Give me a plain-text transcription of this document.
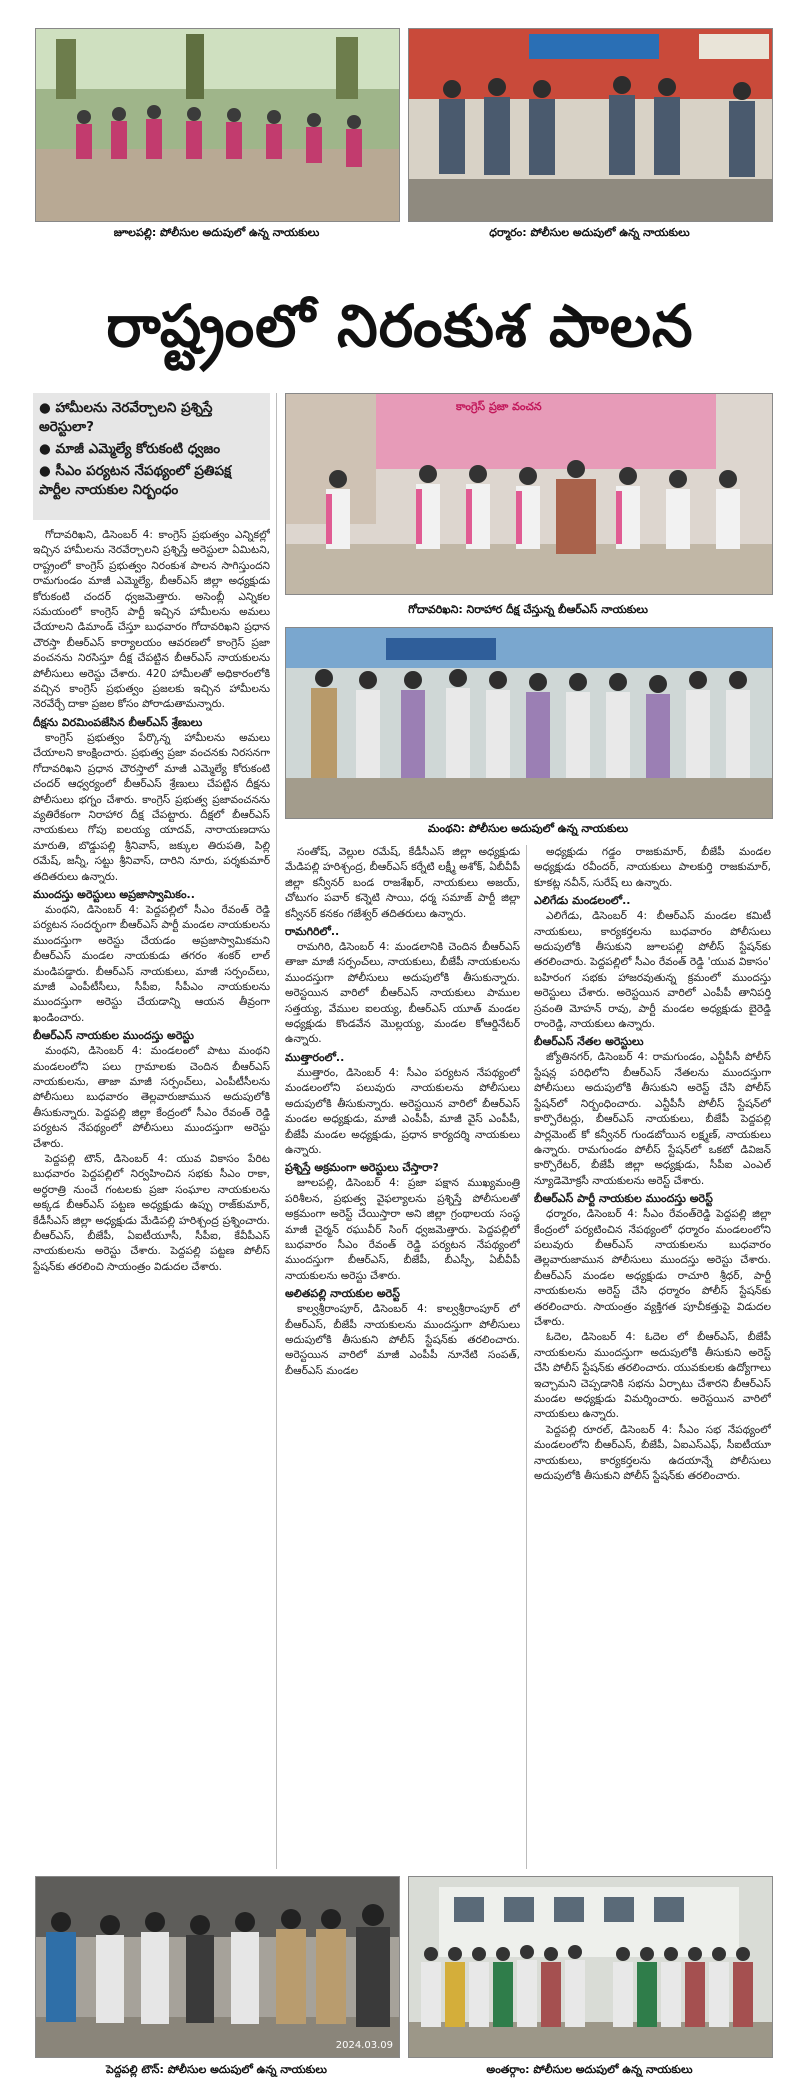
జూలపల్లి: పోలీసుల అదుపులో ఉన్న నాయకులు	ధర్మారం: పోలీసుల అదుపులో ఉన్న నాయకులు
రాష్ట్రంలో నిరంకుశ పాలన
● హామీలను నెరవేర్చాలని ప్రశ్నిస్తే అరెస్టులా?
● మాజీ ఎమ్మెల్యే కోరుకంటి ధ్వజం
● సీఎం పర్యటన నేపథ్యంలో ప్రతిపక్ష పార్టీల నాయకుల నిర్బంధం
కాంగ్రెస్ ప్రజా వంచన
గోదావరిఖని: నిరాహార దీక్ష చేస్తున్న బీఆర్‌ఎస్‌ నాయకులు
మంథని: పోలీసుల అదుపులో ఉన్న నాయకులు

గోదావరిఖని, డిసెంబర్ 4: కాంగ్రెస్ ప్రభుత్వం ఎన్నికల్లో ఇచ్చిన హామీలను నెరవేర్చాలని ప్రశ్నిస్తే అరెస్టులా ఏమిటని, రాష్ట్రంలో కాంగ్రెస్ ప్రభుత్వం నిరంకుశ పాలన సాగిస్తుందని రామగుండం మాజీ ఎమ్మెల్యే, బీఆర్‌ఎస్ జిల్లా అధ్యక్షుడు కోరుకంటి చందర్ ధ్వజమెత్తారు. అసెంబ్లీ ఎన్నికల సమయంలో కాంగ్రెస్ పార్టీ ఇచ్చిన హామీలను అమలు చేయాలని డిమాండ్ చేస్తూ బుధవారం గోదావరిఖని ప్రధాన చౌరస్తా బీఆర్‌ఎస్ కార్యాలయం ఆవరణలో కాంగ్రెస్ ప్రజా వంచనను నిరసిస్తూ దీక్ష చేపట్టిన బీఆర్‌ఎస్ నాయకులను పోలీసులు అరెస్టు చేశారు. 420 హామీలతో అధికారంలోకి వచ్చిన కాంగ్రెస్ ప్రభుత్వం ప్రజలకు ఇచ్చిన హామీలను నెరవేర్చే దాకా ప్రజల కోసం పోరాడుతామన్నారు.

దీక్షను విరమింపజేసిన బీఆర్‌ఎస్ శ్రేణులు

కాంగ్రెస్ ప్రభుత్వం పేర్కొన్న హామీలను అమలు చేయాలని కాంక్షించారు. ప్రభుత్వ ప్రజా వంచనకు నిరసనగా గోదావరిఖని ప్రధాన చౌరస్తాలో మాజీ ఎమ్మెల్యే కోరుకంటి చందర్ ఆధ్వర్యంలో బీఆర్‌ఎస్ శ్రేణులు చేపట్టిన దీక్షను పోలీసులు భగ్నం చేశారు. కాంగ్రెస్ ప్రభుత్వ ప్రజావంచనను వ్యతిరేకంగా నిరాహార దీక్ష చేపట్టారు. దీక్షలో బీఆర్‌ఎస్ నాయకులు గోపు ఐలయ్య యాదవ్, నారాయణదాసు మారుతి, బొడ్డుపల్లి శ్రీనివాస్, జక్కుల తిరుపతి, పిల్లి రమేష్, జన్నీ, సట్టు శ్రీనివాస్, దారిని నూరు, పర్శకుమార్ తదితరులు ఉన్నారు.

ముందస్తు అరెస్టులు అప్రజాస్వామికం..

మంథని, డిసెంబర్ 4: పెద్దపల్లిలో సీఎం రేవంత్ రెడ్డి పర్యటన సందర్భంగా బీఆర్‌ఎస్ పార్టీ మండల నాయకులను ముందస్తుగా అరెస్టు చేయడం అప్రజాస్వామికమని బీఆర్‌ఎస్ మండల నాయకుడు తగరం శంకర్ లాల్ మండిపడ్డారు. బీఆర్‌ఎస్ నాయకులు, మాజీ సర్పంచ్‌లు, మాజీ ఎంపీటీసీలు, సీపీఐ, సీపీఎం నాయకులను ముందస్తుగా అరెస్టు చేయడాన్ని ఆయన తీవ్రంగా ఖండించారు.

బీఆర్‌ఎస్ నాయకుల ముందస్తు అరెస్టు

మంథని, డిసెంబర్ 4: మండలంలో పాటు మంథని మండలంలోని పలు గ్రామాలకు చెందిన బీఆర్‌ఎస్ నాయకులను, తాజా మాజీ సర్పంచ్‌లు, ఎంపీటీసీలను పోలీసులు బుధవారం తెల్లవారుజామున అదుపులోకి తీసుకున్నారు. పెద్దపల్లి జిల్లా కేంద్రంలో సీఎం రేవంత్ రెడ్డి పర్యటన నేపథ్యంలో పోలీసులు ముందస్తుగా అరెస్టు చేశారు.

పెద్దపల్లి టౌన్, డిసెంబర్ 4: యువ వికాసం పేరిట బుధవారం పెద్దపల్లిలో నిర్వహించిన సభకు సీఎం రాకా, అర్ధరాత్రి నుంచే గంటలకు ప్రజా సంఘాల నాయకులను అక్కడ బీఆర్‌ఎస్ పట్టణ అధ్యక్షుడు ఉప్పు రాజ్‌కుమార్, కేడీసీఎస్ జిల్లా అధ్యక్షుడు మేడిపల్లి హరిశ్చంద్ర ప్రశ్నించారు. బీఆర్‌ఎస్, బీజేపీ, ఏఐటీయూసీ, సీపీఐ, కేవీపీఎస్ నాయకులను అరెస్టు చేశారు. పెద్దపల్లి పట్టణ పోలీస్ స్టేషన్‌కు తరలించి సాయంత్రం విడుదల చేశారు.

సంతోష్, వెల్లుల రమేష్, కేడీసీఎస్ జిల్లా అధ్యక్షుడు మేడిపల్లి హరిశ్చంద్ర, బీఆర్‌ఎస్ కర్నేటి లక్ష్మీ అశోక్, ఏబీవీపీ జిల్లా కన్వీనర్ బండ రాజశేఖర్, నాయకులు అజయ్, చోటుగం పవార్ కన్నెటి సాయి, ధర్మ సమాజ్ పార్టీ జిల్లా కన్వీనర్ కనకం గజేశ్వర్ తదితరులు ఉన్నారు.

రామగిరిలో..

రామగిరి, డిసెంబర్ 4: మండలానికి చెందిన బీఆర్‌ఎస్ తాజా మాజీ సర్పంచ్‌లు, నాయకులు, బీజేపీ నాయకులను ముందస్తుగా పోలీసులు అదుపులోకి తీసుకున్నారు. అరెస్టయిన వారిలో బీఆర్‌ఎస్ నాయకులు పాముల సత్తయ్య, వేముల ఐలయ్య, బీఆర్‌ఎస్ యూత్ మండల అధ్యక్షుడు కొండవేన మొల్లయ్య, మండల కోఆర్డినేటర్ ఉన్నారు.

ముత్తారంలో..

ముత్తారం, డిసెంబర్ 4: సీఎం పర్యటన నేపథ్యంలో మండలంలోని పలువురు నాయకులను పోలీసులు అదుపులోకి తీసుకున్నారు. అరెస్టయిన వారిలో బీఆర్‌ఎస్ మండల అధ్యక్షుడు, మాజీ ఎంపీపీ, మాజీ వైస్ ఎంపీపీ, బీజేపీ మండల అధ్యక్షుడు, ప్రధాన కార్యదర్శి నాయకులు ఉన్నారు.

ప్రశ్నిస్తే అక్రమంగా అరెస్టులు చేస్తారా?

జూలపల్లి, డిసెంబర్ 4: ప్రజా పక్షాన ముఖ్యమంత్రి పరిశీలన, ప్రభుత్వ వైఫల్యాలను ప్రశ్నిస్తే పోలీసులతో అక్రమంగా అరెస్ట్ చేయిస్తారా అని జిల్లా గ్రంథాలయ సంస్థ మాజీ చైర్మన్ రఘువీర్ సింగ్ ధ్వజమెత్తారు. పెద్దపల్లిలో బుధవారం సీఎం రేవంత్ రెడ్డి పర్యటన నేపథ్యంలో ముందస్తుగా బీఆర్‌ఎస్, బీజేపీ, బీఎస్పీ, ఏబీవీపీ నాయకులను అరెస్టు చేశారు.

అలితపల్లి నాయకుల అరెస్ట్

కాల్వశ్రీరాంపూర్, డిసెంబర్ 4: కాల్వశ్రీరాంపూర్ లో బీఆర్‌ఎస్, బీజేపీ నాయకులను ముందస్తుగా పోలీసులు అదుపులోకి తీసుకుని పోలీస్ స్టేషన్‌కు తరలించారు. అరెస్టయిన వారిలో మాజీ ఎంపీపీ నూనేటి సంపత్, బీఆర్‌ఎస్ మండల

అధ్యక్షుడు గడ్డం రాజకుమార్, బీజేపీ మండల అధ్యక్షుడు రవీందర్, నాయకులు పాలకుర్తి రాజకుమార్, కూకట్ల నవీన్, సురేష్ లు ఉన్నారు.

ఎలిగేడు మండలంలో..

ఎలిగేడు, డిసెంబర్ 4: బీఆర్‌ఎస్ మండల కమిటీ నాయకులు, కార్యకర్తలను బుధవారం పోలీసులు అదుపులోకి తీసుకుని జూలపల్లి పోలీస్ స్టేషన్‌కు తరలించారు. పెద్దపల్లిలో సీఎం రేవంత్ రెడ్డి 'యువ వికాసం' బహిరంగ సభకు హాజరవుతున్న క్రమంలో ముందస్తు అరెస్టులు చేశారు. అరెస్టయిన వారిలో ఎంపీపీ తానిపర్తి స్రవంతి మోహన్ రావు, పార్టీ మండల అధ్యక్షుడు బైరెడ్డి రాంరెడ్డి, నాయకులు ఉన్నారు.

బీఆర్‌ఎస్ నేతల అరెస్టులు

జ్యోతినగర్, డిసెంబర్ 4: రామగుండం, ఎన్టీపీసీ పోలీస్ స్టేషన్ల పరిధిలోని బీఆర్‌ఎస్ నేతలను ముందస్తుగా పోలీసులు అదుపులోకి తీసుకుని అరెస్ట్ చేసి పోలీస్ స్టేషన్‌లో నిర్బంధించారు. ఎన్టీపీసీ పోలీస్ స్టేషన్‌లో కార్పొరేటర్లు, బీఆర్‌ఎస్ నాయకులు, బీజేపీ పెద్దపల్లి పార్లమెంట్ కో కన్వీనర్ గుండబోయిన లక్ష్మణ్, నాయకులు ఉన్నారు. రామగుండం పోలీస్ స్టేషన్‌లో ఒకటో డివిజన్ కార్పొరేటర్, బీజేపీ జిల్లా అధ్యక్షుడు, సీపీఐ ఎంఎల్ న్యూడెమోక్రసీ నాయకులను అరెస్ట్ చేశారు.

బీఆర్‌ఎస్ పార్టీ నాయకుల ముందస్తు అరెస్ట్

ధర్మారం, డిసెంబర్ 4: సీఎం రేవంత్‌రెడ్డి పెద్దపల్లి జిల్లా కేంద్రంలో పర్యటించిన నేపథ్యంలో ధర్మారం మండలంలోని పలువురు బీఆర్‌ఎస్ నాయకులను బుధవారం తెల్లవారుజామున పోలీసులు ముందస్తు అరెస్టు చేశారు. బీఆర్‌ఎస్ మండల అధ్యక్షుడు రాచూరి శ్రీధర్, పార్టీ నాయకులను అరెస్ట్ చేసి ధర్మారం పోలీస్ స్టేషన్‌కు తరలించారు. సాయంత్రం వ్యక్తిగత పూచీకత్తుపై విడుదల చేశారు.

ఓదెల, డిసెంబర్ 4: ఓదెల లో బీఆర్‌ఎస్, బీజేపీ నాయకులను ముందస్తుగా అదుపులోకి తీసుకుని అరెస్ట్ చేసి పోలీస్ స్టేషన్‌కు తరలించారు. యువకులకు ఉద్యోగాలు ఇచ్చామని చెప్పడానికి సభను ఏర్పాటు చేశారని బీఆర్‌ఎస్ మండల అధ్యక్షుడు విమర్శించారు. అరెస్టయిన వారిలో నాయకులు ఉన్నారు.

పెద్దపల్లి రూరల్, డిసెంబర్ 4: సీఎం సభ నేపథ్యంలో మండలంలోని బీఆర్‌ఎస్, బీజేపీ, ఏఐఎస్‌ఎఫ్, సీఐటీయూ నాయకులు, కార్యకర్తలను ఉదయాన్నే పోలీసులు అదుపులోకి తీసుకుని పోలీస్ స్టేషన్‌కు తరలించారు.

2024.03.09
పెద్దపల్లి టౌన్‌: పోలీసుల అదుపులో ఉన్న నాయకులు	అంతర్గాం: పోలీసుల అదుపులో ఉన్న నాయకులు
